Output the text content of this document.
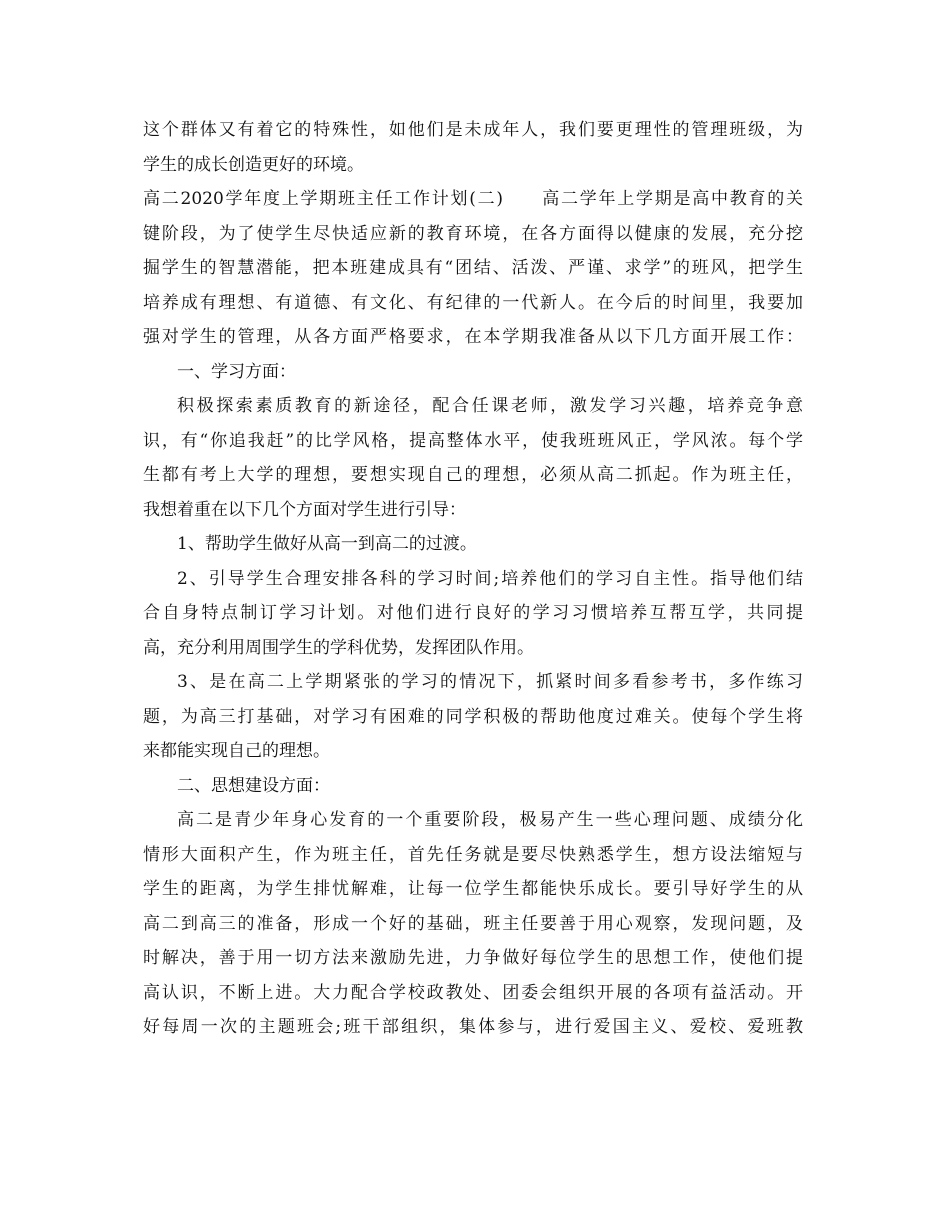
这个群体又有着它的特殊性，如他们是未成年人，我们要更理性的管理班级，为
学生的成长创造更好的环境。
高二2020学年度上学期班主任工作计划(二)　　高二学年上学期是高中教育的关
键阶段，为了使学生尽快适应新的教育环境，在各方面得以健康的发展，充分挖
掘学生的智慧潜能，把本班建成具有“团结、活泼、严谨、求学”的班风，把学生
培养成有理想、有道德、有文化、有纪律的一代新人。在今后的时间里，我要加
强对学生的管理，从各方面严格要求，在本学期我准备从以下几方面开展工作：
一、学习方面：
积极探索素质教育的新途径，配合任课老师，激发学习兴趣，培养竞争意
识，有“你追我赶”的比学风格，提高整体水平，使我班班风正，学风浓。每个学
生都有考上大学的理想，要想实现自己的理想，必须从高二抓起。作为班主任，
我想着重在以下几个方面对学生进行引导：
1、帮助学生做好从高一到高二的过渡。
2、引导学生合理安排各科的学习时间;培养他们的学习自主性。指导他们结
合自身特点制订学习计划。对他们进行良好的学习习惯培养互帮互学，共同提
高，充分利用周围学生的学科优势，发挥团队作用。
3、是在高二上学期紧张的学习的情况下，抓紧时间多看参考书，多作练习
题，为高三打基础，对学习有困难的同学积极的帮助他度过难关。使每个学生将
来都能实现自己的理想。
二、思想建设方面：
高二是青少年身心发育的一个重要阶段，极易产生一些心理问题、成绩分化
情形大面积产生，作为班主任，首先任务就是要尽快熟悉学生，想方设法缩短与
学生的距离，为学生排忧解难，让每一位学生都能快乐成长。要引导好学生的从
高二到高三的准备，形成一个好的基础，班主任要善于用心观察，发现问题，及
时解决，善于用一切方法来激励先进，力争做好每位学生的思想工作，使他们提
高认识，不断上进。大力配合学校政教处、团委会组织开展的各项有益活动。开
好每周一次的主题班会;班干部组织，集体参与，进行爱国主义、爱校、爱班教
